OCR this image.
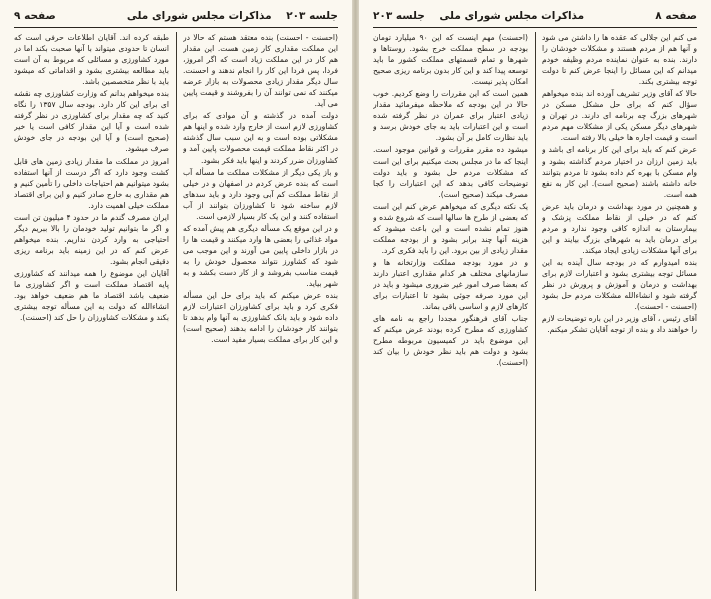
جلسه ۲۰۳    مذاکرات مجلس شورای ملی
صفحه ۹

(احسنت - احسنت) بنده معتقد هستم که حالا در این مملکت مقداری کار زمین هست. این مقدار هم کار در این مملکت زیاد است که اگر امروز، فردا، پس فردا این کار را انجام ندهند و احسنت. سال دیگر مقدار زیادی محصولات به بازار عرضه میکنند که نمی توانند آن را بفروشند و قیمت پایین می آید.

دولت آمده در گذشته و آن موادی که برای کشاورزی لازم است از خارج وارد شده و اینها هم مشکلاتی بوده است و به این سبب سال گذشته در اکثر نقاط مملکت قیمت محصولات پایین آمد و کشاورزان ضرر کردند و اینها باید فکر بشود.

و باز یکی دیگر از مشکلات مملکت ما مسأله آب است که بنده عرض کردم در اصفهان و در خیلی از نقاط مملکت کم آبی وجود دارد و باید سدهای لازم ساخته شود تا کشاورزان بتوانند از آب استفاده کنند و این یک کار بسیار لازمی است.

و در این موقع یک مسأله دیگری هم پیش آمده که مواد غذائی را بعضی ها وارد میکنند و قیمت ها را در بازار داخلی پایین می آورند و این موجب می شود که کشاورز نتواند محصول خودش را به قیمت مناسب بفروشد و از کار دست بکشد و به شهر بیاید.

بنده عرض میکنم که باید برای حل این مسأله فکری کرد و باید برای کشاورزان اعتبارات لازم داده شود و باید بانک کشاورزی به آنها وام بدهد تا بتوانند کار خودشان را ادامه بدهند (صحیح است) و این کار برای مملکت بسیار مفید است.

طبقه کرده اند. آقایان اطلاعات حرفی است که انسان تا حدودی میتواند با آنها صحبت بکند اما در مورد کشاورزی و مسائلی که مربوط به آن است باید مطالعه بیشتری بشود و اقداماتی که میشود باید با نظر متخصصین باشد.

بنده میخواهم بدانم که وزارت کشاورزی چه نقشه ای برای این کار دارد. بودجه سال ۱۳۵۷ را نگاه کنید که چه مقدار برای کشاورزی در نظر گرفته شده است و آیا این مقدار کافی است یا خیر (صحیح است) و آیا این بودجه در جای خودش صرف میشود.

امروز در مملکت ما مقدار زیادی زمین های قابل کشت وجود دارد که اگر درست از آنها استفاده بشود میتوانیم هم احتیاجات داخلی را تأمین کنیم و هم مقداری به خارج صادر کنیم و این برای اقتصاد مملکت خیلی اهمیت دارد.

ایران مصرف گندم ما در حدود ۴ میلیون تن است و اگر ما بتوانیم تولید خودمان را بالا ببریم دیگر احتیاجی به وارد کردن نداریم. بنده میخواهم عرض کنم که در این زمینه باید برنامه ریزی دقیقی انجام بشود.

آقایان این موضوع را همه میدانند که کشاورزی پایه اقتصاد مملکت است و اگر کشاورزی ما ضعیف باشد اقتصاد ما هم ضعیف خواهد بود. انشاءالله که دولت به این مسأله توجه بیشتری بکند و مشکلات کشاورزان را حل کند (احسنت).

صفحه ۸
مذاکرات مجلس شورای ملی    جلسه ۲۰۳

می کنم این جلالی که عقده ها را داشتن می شود و آنها هم از مردم هستند و مشکلات خودشان را دارند. بنده به عنوان نماینده مردم وظیفه خودم میدانم که این مسائل را اینجا عرض کنم تا دولت توجه بیشتری بکند.

حالا که آقای وزیر تشریف آورده اند بنده میخواهم سؤال کنم که برای حل مشکل مسکن در شهرهای بزرگ چه برنامه ای دارند. در تهران و شهرهای دیگر مسکن یکی از مشکلات مهم مردم است و قیمت اجاره ها خیلی بالا رفته است.

عرض کنم که باید برای این کار برنامه ای باشد و باید زمین ارزان در اختیار مردم گذاشته بشود و وام مسکن با بهره کم داده بشود تا مردم بتوانند خانه داشته باشند (صحیح است). این کار به نفع همه است.

و همچنین در مورد بهداشت و درمان باید عرض کنم که در خیلی از نقاط مملکت پزشک و بیمارستان به اندازه کافی وجود ندارد و مردم برای درمان باید به شهرهای بزرگ بیایند و این برای آنها مشکلات زیادی ایجاد میکند.

بنده امیدوارم که در بودجه سال آینده به این مسائل توجه بیشتری بشود و اعتبارات لازم برای بهداشت و درمان و آموزش و پرورش در نظر گرفته شود و انشاءالله مشکلات مردم حل بشود (احسنت - احسنت).

آقای رئیس ، آقای وزیر در این باره توضیحات لازم را خواهند داد و بنده از توجه آقایان تشکر میکنم.

(احسنت) مهم اینست که این ۹۰ میلیارد تومان بودجه در سطح مملکت خرج بشود. روستاها و شهرها و تمام قسمتهای مملکت کشور ما باید توسعه پیدا کند و این کار بدون برنامه ریزی صحیح امکان پذیر نیست.

همین است که این مقررات را وضع کردیم. خوب حالا در این بودجه که ملاحظه میفرمائید مقدار زیادی اعتبار برای عمران در نظر گرفته شده است و این اعتبارات باید به جای خودش برسد و باید نظارت کامل بر آن بشود.

میشود ده مقرر مقررات و قوانین موجود است. اینجا که ما در مجلس بحث میکنیم برای این است که مشکلات مردم حل بشود و باید دولت توضیحات کافی بدهد که این اعتبارات را کجا مصرف میکند (صحیح است).

یک نکته دیگری که میخواهم عرض کنم این است که بعضی از طرح ها سالها است که شروع شده و هنوز تمام نشده است و این باعث میشود که هزینه آنها چند برابر بشود و از بودجه مملکت مقدار زیادی از بین برود. این را باید فکری کرد.

و در مورد بودجه مملکت وزارتخانه ها و سازمانهای مختلف هر کدام مقداری اعتبار دارند که بعضا صرف امور غیر ضروری میشود و باید در این مورد صرفه جوئی بشود تا اعتبارات برای کارهای لازم و اساسی باقی بماند.

جناب آقای فرهنگور مجددا راجع به نامه های کشاورزی که مطرح کرده بودند عرض میکنم که این موضوع باید در کمیسیون مربوطه مطرح بشود و دولت هم باید نظر خودش را بیان کند (احسنت).
